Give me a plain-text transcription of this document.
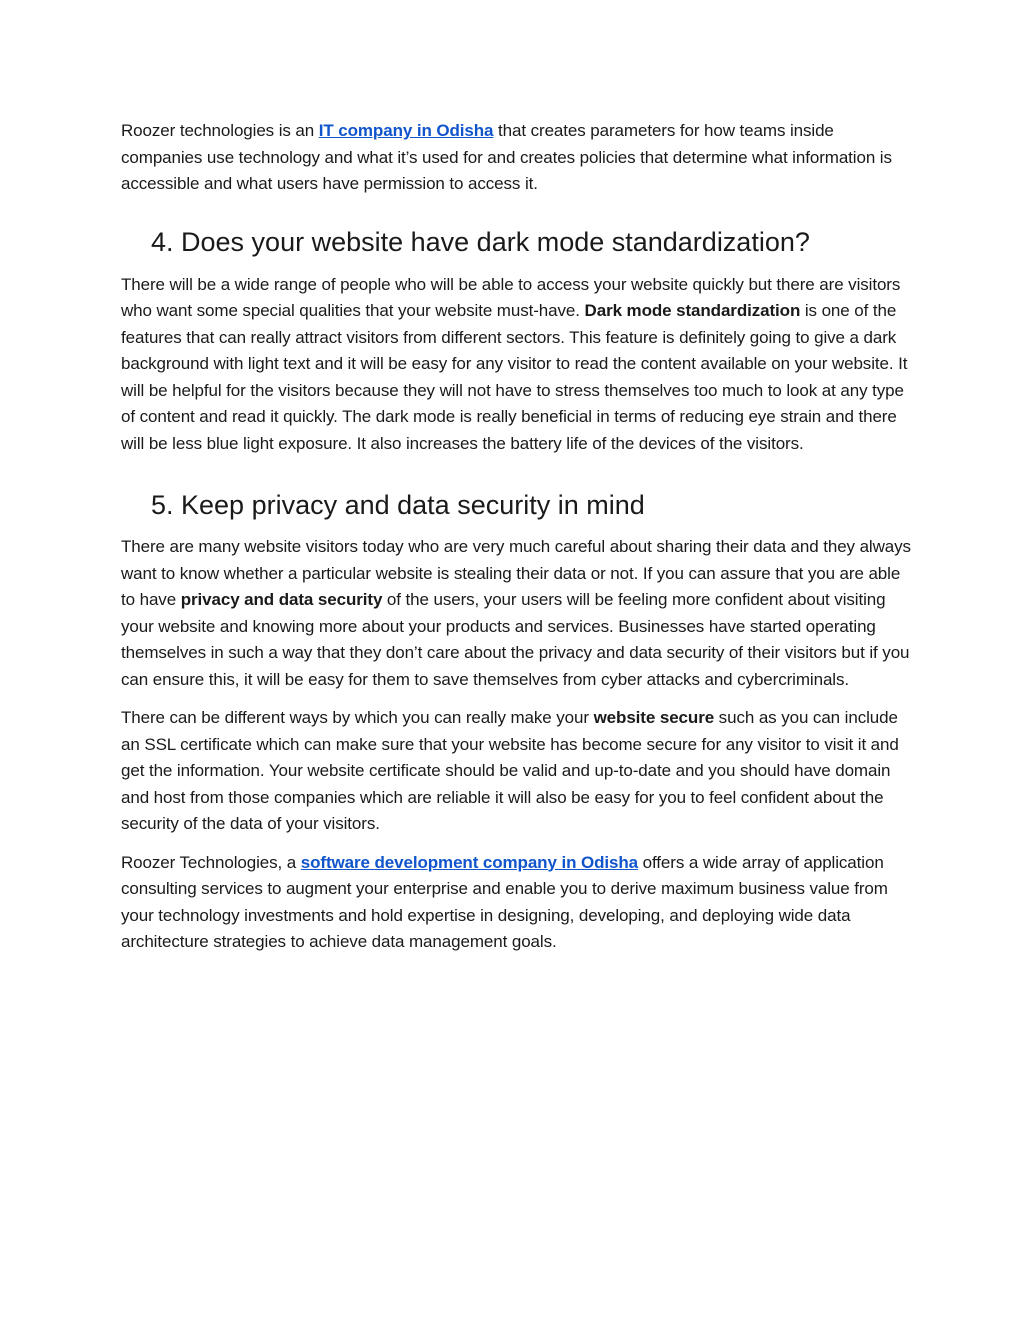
Roozer technologies is an IT company in Odisha that creates parameters for how teams inside companies use technology and what it’s used for and creates policies that determine what information is accessible and what users have permission to access it.

4. Does your website have dark mode standardization?

There will be a wide range of people who will be able to access your website quickly but there are visitors who want some special qualities that your website must-have. Dark mode standardization is one of the features that can really attract visitors from different sectors. This feature is definitely going to give a dark background with light text and it will be easy for any visitor to read the content available on your website. It will be helpful for the visitors because they will not have to stress themselves too much to look at any type of content and read it quickly. The dark mode is really beneficial in terms of reducing eye strain and there will be less blue light exposure. It also increases the battery life of the devices of the visitors.

5. Keep privacy and data security in mind

There are many website visitors today who are very much careful about sharing their data and they always want to know whether a particular website is stealing their data or not. If you can assure that you are able to have privacy and data security of the users, your users will be feeling more confident about visiting your website and knowing more about your products and services. Businesses have started operating themselves in such a way that they don’t care about the privacy and data security of their visitors but if you can ensure this, it will be easy for them to save themselves from cyber attacks and cybercriminals.

There can be different ways by which you can really make your website secure such as you can include an SSL certificate which can make sure that your website has become secure for any visitor to visit it and get the information. Your website certificate should be valid and up-to-date and you should have domain and host from those companies which are reliable it will also be easy for you to feel confident about the security of the data of your visitors.

Roozer Technologies, a software development company in Odisha offers a wide array of application consulting services to augment your enterprise and enable you to derive maximum business value from your technology investments and hold expertise in designing, developing, and deploying wide data architecture strategies to achieve data management goals.
